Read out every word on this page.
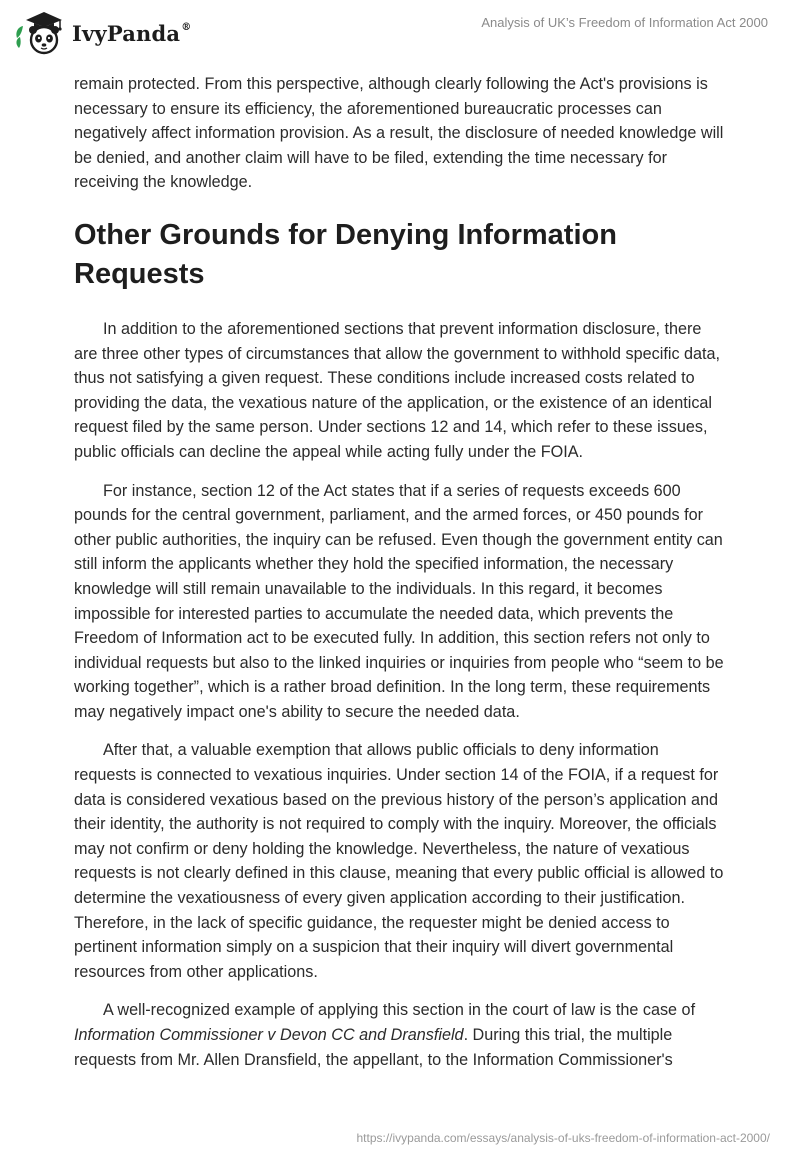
IvyPanda®	Analysis of UK’s Freedom of Information Act 2000

remain protected. From this perspective, although clearly following the Act's provisions is necessary to ensure its efficiency, the aforementioned bureaucratic processes can negatively affect information provision. As a result, the disclosure of needed knowledge will be denied, and another claim will have to be filed, extending the time necessary for receiving the knowledge.

Other Grounds for Denying Information Requests

In addition to the aforementioned sections that prevent information disclosure, there are three other types of circumstances that allow the government to withhold specific data, thus not satisfying a given request. These conditions include increased costs related to providing the data, the vexatious nature of the application, or the existence of an identical request filed by the same person. Under sections 12 and 14, which refer to these issues, public officials can decline the appeal while acting fully under the FOIA.

For instance, section 12 of the Act states that if a series of requests exceeds 600 pounds for the central government, parliament, and the armed forces, or 450 pounds for other public authorities, the inquiry can be refused. Even though the government entity can still inform the applicants whether they hold the specified information, the necessary knowledge will still remain unavailable to the individuals. In this regard, it becomes impossible for interested parties to accumulate the needed data, which prevents the Freedom of Information act to be executed fully. In addition, this section refers not only to individual requests but also to the linked inquiries or inquiries from people who “seem to be working together”, which is a rather broad definition. In the long term, these requirements may negatively impact one's ability to secure the needed data.

After that, a valuable exemption that allows public officials to deny information requests is connected to vexatious inquiries. Under section 14 of the FOIA, if a request for data is considered vexatious based on the previous history of the person’s application and their identity, the authority is not required to comply with the inquiry. Moreover, the officials may not confirm or deny holding the knowledge. Nevertheless, the nature of vexatious requests is not clearly defined in this clause, meaning that every public official is allowed to determine the vexatiousness of every given application according to their justification. Therefore, in the lack of specific guidance, the requester might be denied access to pertinent information simply on a suspicion that their inquiry will divert governmental resources from other applications.

A well-recognized example of applying this section in the court of law is the case of Information Commissioner v Devon CC and Dransfield. During this trial, the multiple requests from Mr. Allen Dransfield, the appellant, to the Information Commissioner's

https://ivypanda.com/essays/analysis-of-uks-freedom-of-information-act-2000/
